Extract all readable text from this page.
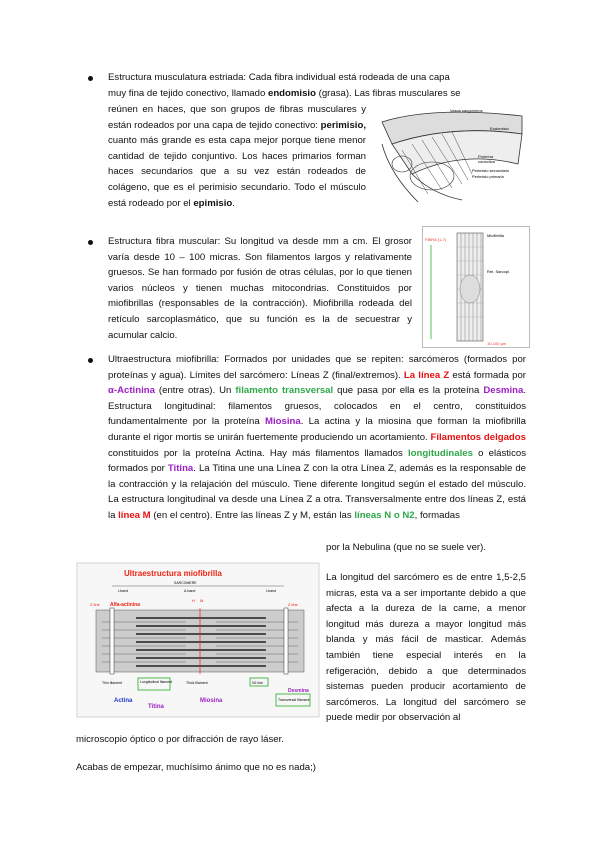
Estructura musculatura estriada: Cada fibra individual está rodeada de una capa

muy fina de tejido conectivo, llamado endomisio (grasa). Las fibras musculares se

reúnen en haces, que son grupos de fibras musculares y están rodeados por una capa de tejido conectivo: perimisio, cuanto más grande es esta capa mejor porque tiene menor cantidad de tejido conjuntivo. Los haces primarios forman haces secundarios que a su vez están rodeados de colágeno, que es el perimisio secundario. Todo el músculo está rodeado por el epimisio.

Vasos sanguíneos
Endomisio
Proteína
conectiva
Perimisio secundario
Perimisio primario

Estructura fibra muscular: Su longitud va desde mm a cm. El grosor varía desde 10 – 100 micras. Son filamentos largos y relativamente gruesos. Se han formado por fusión de otras células, por lo que tienen varios núcleos y tienen muchas mitocondrias. Constituidos por miofibrillas (responsables de la contracción). Miofibrilla rodeada del retículo sarcoplasmático, que su función es la de secuestrar y acumular calcio.

FIBRA (1-7)
Miofibrilla
Ret. Sarcopl.
10-100 µm

Ultraestructura miofibrilla: Formados por unidades que se repiten: sarcómeros (formados por proteínas y agua). Límites del sarcómero: Líneas Z (final/extremos). La línea Z está formada por α-Actinina (entre otras). Un filamento transversal que pasa por ella es la proteína Desmina. Estructura longitudinal: filamentos gruesos, colocados en el centro, constituidos fundamentalmente por la proteína Miosina. La actina y la miosina que forman la miofibrilla durante el rigor mortis se unirán fuertemente produciendo un acortamiento. Filamentos delgados constituidos por la proteína Actina. Hay más filamentos llamados longitudinales o elásticos formados por Titina. La Titina une una Línea Z con la otra Línea Z, además es la responsable de la contracción y la relajación del músculo. Tiene diferente longitud según el estado del músculo. La estructura longitudinal va desde una Línea Z a otra. Transversalmente entre dos líneas Z, está la línea M (en el centro). Entre las líneas Z y M, están las líneas N o N2, formadas

por la Nebulina (que no se suele ver).

Ultraestructura miofibrilla
SARCOMERE
I-band	A-band	I-band
H M
Z line Alfa-actinina	Z line
Thin filament	Longitudinal filament	Thick filament	N2 line
Desmina
Transversal filament
Actina
Titina
Miosina

La longitud del sarcómero es de entre 1,5-2,5 micras, esta va a ser importante debido a que afecta a la dureza de la carne, a menor longitud más dureza a mayor longitud más blanda y más fácil de masticar. Además también tiene especial interés en la refigeración, debido a que determinados sistemas pueden producir acortamiento de sarcómeros. La longitud del sarcómero se puede medir por observación al

microscopio óptico o por difracción de rayo láser.

Acabas de empezar, muchísimo ánimo que no es nada;)
